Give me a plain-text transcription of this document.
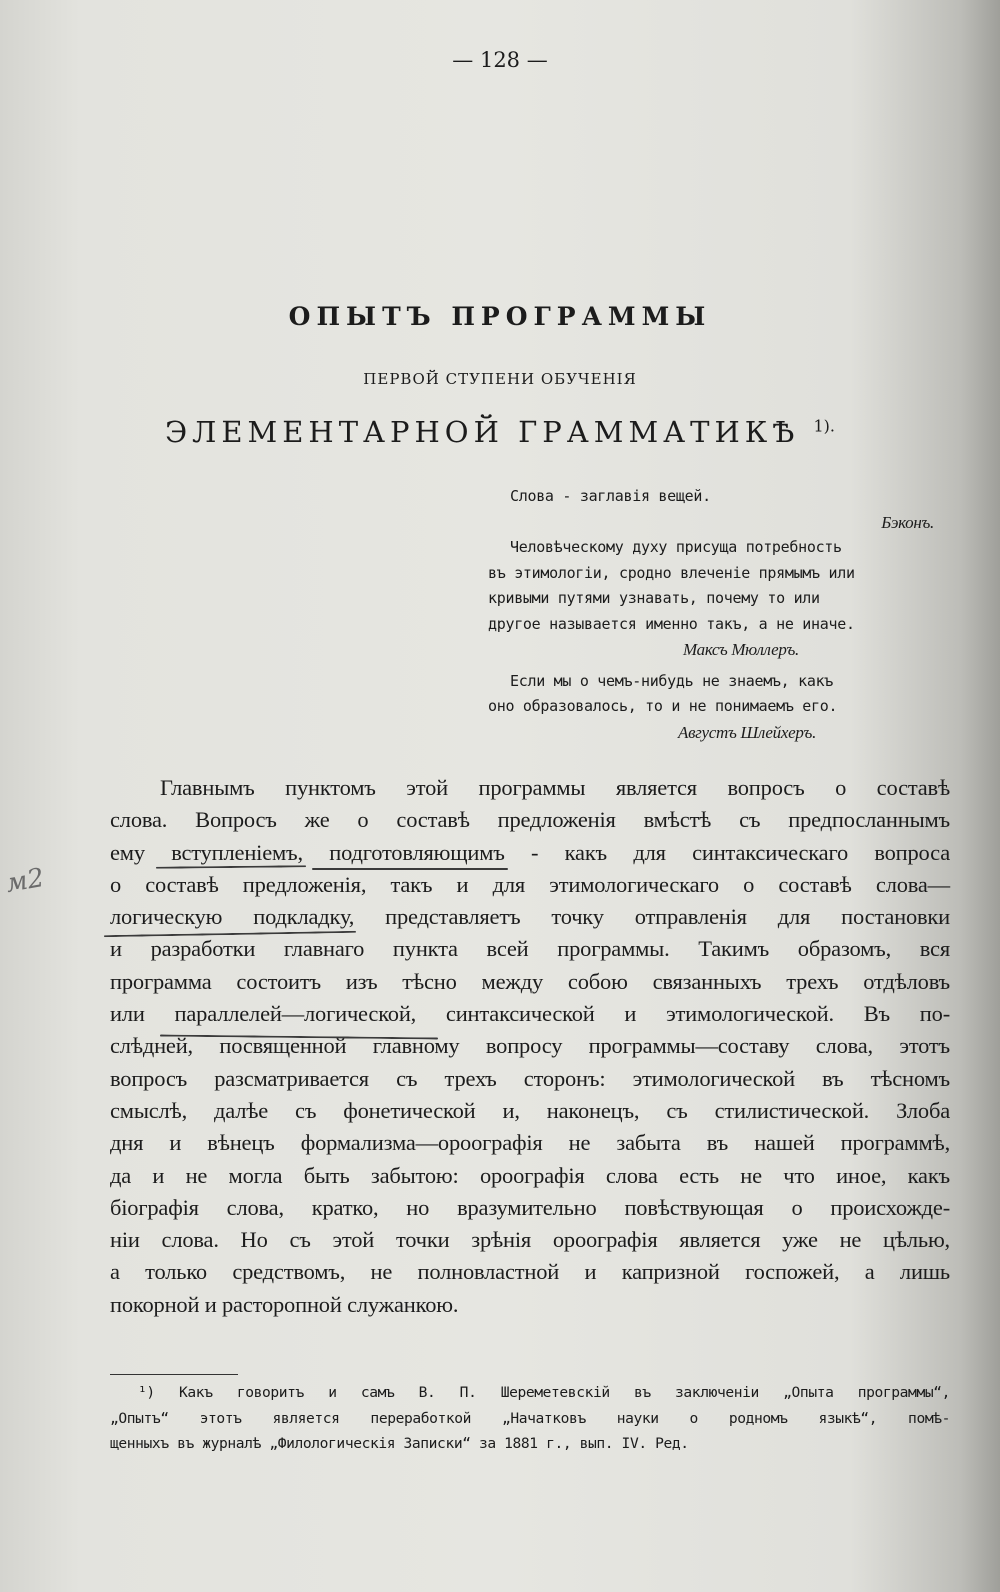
— 128 —
ОПЫТЪ ПРОГРАММЫ
ПЕРВОЙ СТУПЕНИ ОБУЧЕНІЯ
ЭЛЕМЕНТАРНОЙ ГРАММАТИКѢ $^{1).}$
Слова - заглавія вещей.
Бэконъ.
Человѣческому духу присуща потребность
въ этимологіи, сродно влеченіе прямымъ или
кривыми путями узнавать, почему то или
другое называется именно такъ, а не иначе.
Максъ Мюллеръ.
Если мы о чемъ-нибудь не знаемъ, какъ
оно образовалось, то и не понимаемъ его.
Августъ Шлейхеръ.
Главнымъ пунктомъ этой программы является вопросъ о составѣ
слова. Вопросъ же о составѣ предложенія вмѣстѣ съ предпосланнымъ
ему вступленіемъ, подготовляющимъ - какъ для синтаксическаго вопроса
о составѣ предложенія, такъ и для этимологическаго о составѣ слова—
логическую подкладку, представляетъ точку отправленія для постановки
и разработки главнаго пункта всей программы. Такимъ образомъ, вся
программа состоитъ изъ тѣсно между собою связанныхъ трехъ отдѣловъ
или параллелей—логической, синтаксической и этимологической. Въ по-
слѣдней, посвященной главному вопросу программы—составу слова, этотъ
вопросъ разсматривается съ трехъ сторонъ: этимологической въ тѣсномъ
смыслѣ, далѣе съ фонетической и, наконецъ, съ стилистической. Злоба
дня и вѣнецъ формализма—ороографія не забыта въ нашей программѣ,
да и не могла быть забытою: ороографія слова есть не что иное, какъ
біографія слова, кратко, но вразумительно повѣствующая о происхожде-
ніи слова. Но съ этой точки зрѣнія ороографія является уже не цѣлью,
а только средствомъ, не полновластной и капризной госпожей, а лишь
покорной и расторопной служанкою.
м2
¹) Какъ говоритъ и самъ В. П. Шереметевскій въ заключеніи „Опыта программы“,
„Опытъ“ этотъ является переработкой „Начатковъ науки о родномъ языкѣ“, помѣ-
щенныхъ въ журналѣ „Филологическія Записки“ за 1881 г., вып. IV. Ред.
